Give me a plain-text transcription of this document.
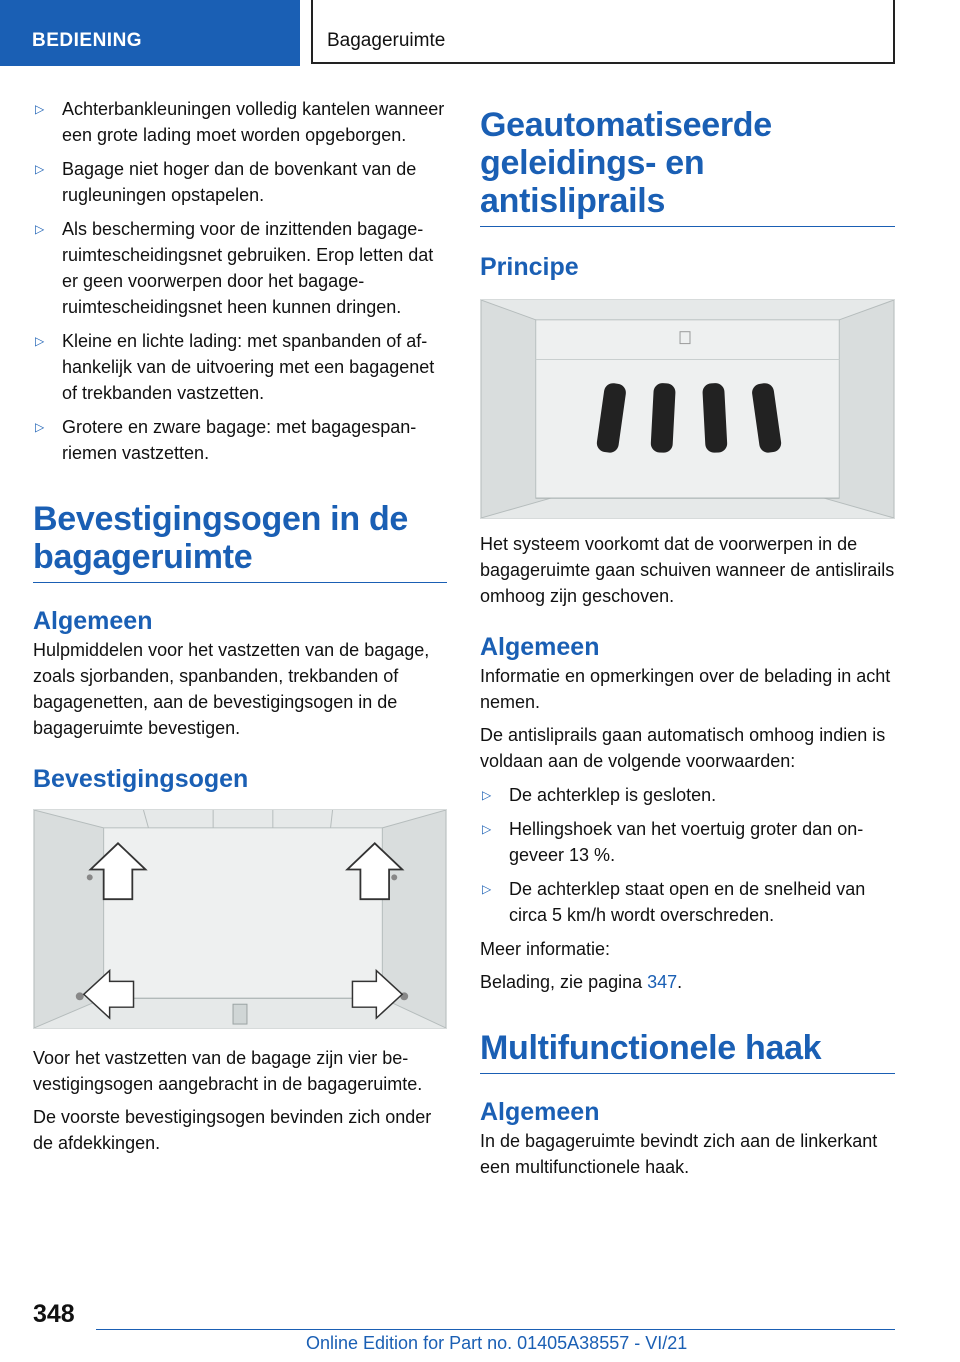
BEDIENING	Bagageruimte
▷ Achterbankleuningen volledig kantelen wanneer een grote lading moet worden opgeborgen.
▷ Bagage niet hoger dan de bovenkant van de rugleuningen opstapelen.
▷ Als bescherming voor de inzittenden bagageruimtescheidingsnet gebruiken. Erop letten dat er geen voorwerpen door het bagageruimtescheidingsnet heen kunnen dringen.
▷ Kleine en lichte lading: met spanbanden of afhankelijk van de uitvoering met een bagagenet of trekbanden vastzetten.
▷ Grotere en zware bagage: met bagagespanriemen vastzetten.
Bevestigingsogen in de bagageruimte
Algemeen

Hulpmiddelen voor het vastzetten van de bagage, zoals sjorbanden, spanbanden, trekbanden of bagagenetten, aan de bevestigingsogen in de bagageruimte bevestigen.

Bevestigingsogen

Voor het vastzetten van de bagage zijn vier bevestigingsogen aangebracht in de bagageruimte.

De voorste bevestigingsogen bevinden zich onder de afdekkingen.

Geautomatiseerde geleidings- en antisliprails
Principe

Het systeem voorkomt dat de voorwerpen in de bagageruimte gaan schuiven wanneer de antislirails omhoog zijn geschoven.

Algemeen

Informatie en opmerkingen over de belading in acht nemen.

De antisliprails gaan automatisch omhoog indien is voldaan aan de volgende voorwaarden:

▷ De achterklep is gesloten.
▷ Hellingshoek van het voertuig groter dan ongeveer 13 %.
▷ De achterklep staat open en de snelheid van circa 5 km/h wordt overschreden.

Meer informatie:

Belading, zie pagina 347.

Multifunctionele haak
Algemeen

In de bagageruimte bevindt zich aan de linkerkant een multifunctionele haak.

348
Online Edition for Part no. 01405A38557 - VI/21
